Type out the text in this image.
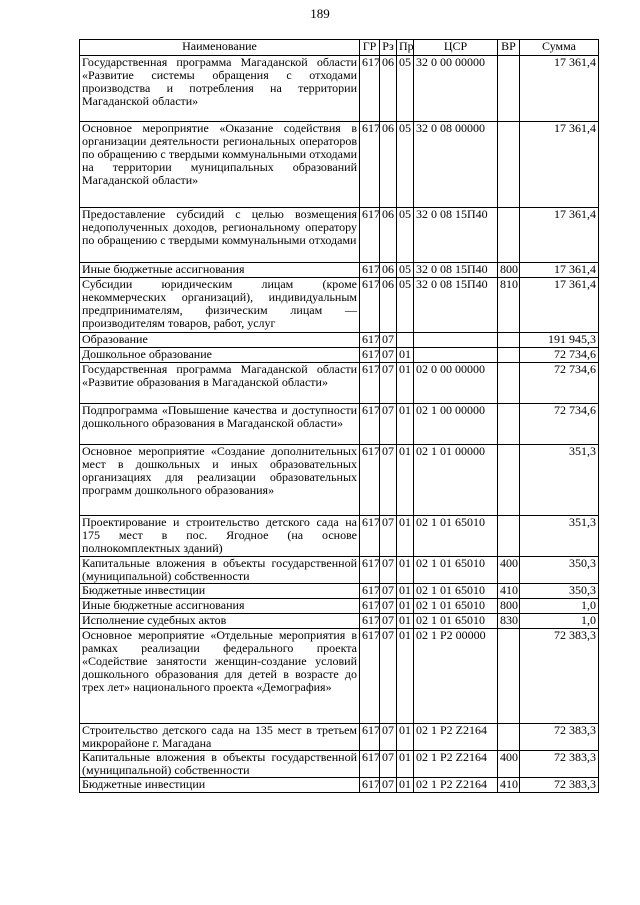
189
Наименование	ГР	Рз	Пр	ЦСР	ВР	Сумма
Государственная программа Магаданской области «Развитие системы обращения с отходами производства и потребления на территории Магаданской области»	617	06	05	32 0 00 00000		17 361,4
Основное мероприятие «Оказание содействия в организации деятельности региональных операторов по обращению с твердыми коммунальными отходами на территории муниципальных образований Магаданской области»	617	06	05	32 0 08 00000		17 361,4
Предоставление субсидий с целью возмещения недополученных доходов, региональному оператору по обращению с твердыми коммунальными отходами	617	06	05	32 0 08 15П40		17 361,4
Иные бюджетные ассигнования	617	06	05	32 0 08 15П40	800	17 361,4
Субсидии юридическим лицам (кроме некоммерческих организаций), индивидуальным предпринимателям, физическим лицам — производителям товаров, работ, услуг	617	06	05	32 0 08 15П40	810	17 361,4
Образование	617	07				191 945,3
Дошкольное образование	617	07	01			72 734,6
Государственная программа Магаданской области «Развитие образования в Магаданской области»	617	07	01	02 0 00 00000		72 734,6
Подпрограмма «Повышение качества и доступности дошкольного образования в Магаданской области»	617	07	01	02 1 00 00000		72 734,6
Основное мероприятие «Создание дополнительных мест в дошкольных и иных образовательных организациях для реализации образовательных программ дошкольного образования»	617	07	01	02 1 01 00000		351,3
Проектирование и строительство детского сада на 175 мест в пос. Ягодное (на основе полнокомплектных зданий)	617	07	01	02 1 01 65010		351,3
Капитальные вложения в объекты государственной (муниципальной) собственности	617	07	01	02 1 01 65010	400	350,3
Бюджетные инвестиции	617	07	01	02 1 01 65010	410	350,3
Иные бюджетные ассигнования	617	07	01	02 1 01 65010	800	1,0
Исполнение судебных актов	617	07	01	02 1 01 65010	830	1,0
Основное мероприятие «Отдельные мероприятия в рамках реализации федерального проекта «Содействие занятости женщин-создание условий дошкольного образования для детей в возрасте до трех лет» национального проекта «Демография»	617	07	01	02 1 P2 00000		72 383,3
Строительство детского сада на 135 мест в третьем микрорайоне г. Магадана	617	07	01	02 1 P2 Z2164		72 383,3
Капитальные вложения в объекты государственной (муниципальной) собственности	617	07	01	02 1 P2 Z2164	400	72 383,3
Бюджетные инвестиции	617	07	01	02 1 P2 Z2164	410	72 383,3
